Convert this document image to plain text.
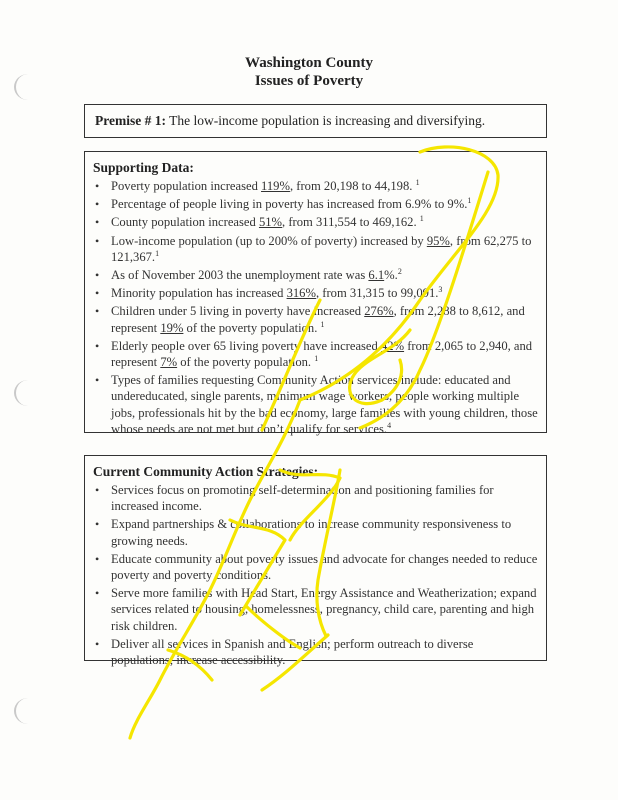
Washington County
Issues of Poverty
Premise # 1: The low-income population is increasing and diversifying.
Supporting Data:
• Poverty population increased 119%, from 20,198 to 44,198. $^1$
• Percentage of people living in poverty has increased from 6.9% to 9%.$^1$
• County population increased 51%, from 311,554 to 469,162. $^1$
• Low-income population (up to 200% of poverty) increased by 95%, from 62,275 to 121,367.$^1$
• As of November 2003 the unemployment rate was 6.1%.$^2$
• Minority population has increased 316%, from 31,315 to 99,091.$^3$
• Children under 5 living in poverty have increased 276%, from 2,288 to 8,612, and represent 19% of the poverty population. $^1$
• Elderly people over 65 living poverty have increased 42% from 2,065 to 2,940, and represent 7% of the poverty population. $^1$
• Types of families requesting Community Action services include: educated and undereducated, single parents, minimum wage workers, people working multiple jobs, professionals hit by the bad economy, large families with young children, those whose needs are not met but don’t qualify for services.$^4$
Current Community Action Strategies:
• Services focus on promoting self-determination and positioning families for increased income.
• Expand partnerships & collaborations to increase community responsiveness to growing needs.
• Educate community about poverty issues and advocate for changes needed to reduce poverty and poverty conditions.
• Serve more families with Head Start, Energy Assistance and Weatherization; expand services related to housing, homelessness, pregnancy, child care, parenting and high risk children.
• Deliver all services in Spanish and English; perform outreach to diverse populations; increase accessibility.
